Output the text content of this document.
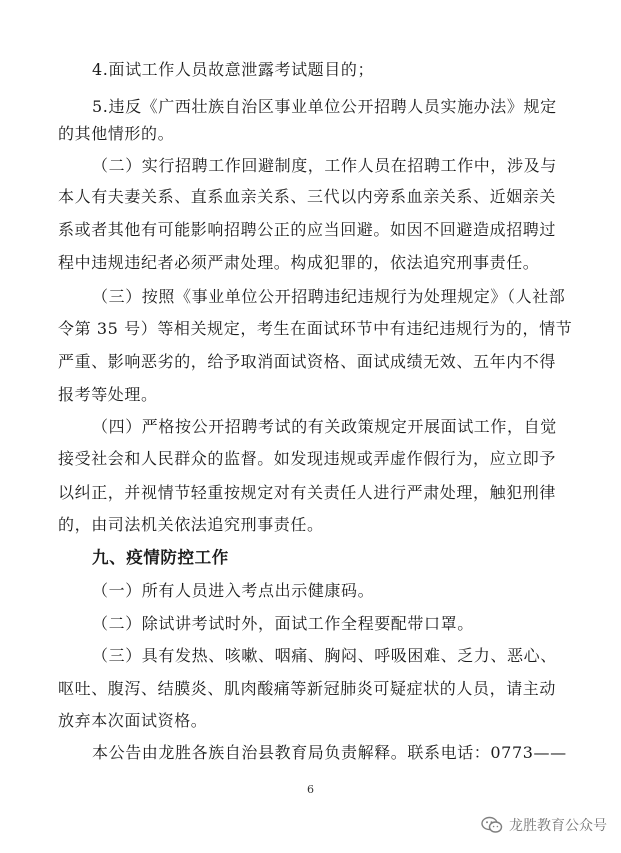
4.面试工作人员故意泄露考试题目的；
5.违反《广西壮族自治区事业单位公开招聘人员实施办法》规定
的其他情形的。
（二）实行招聘工作回避制度，工作人员在招聘工作中，涉及与
本人有夫妻关系、直系血亲关系、三代以内旁系血亲关系、近姻亲关
系或者其他有可能影响招聘公正的应当回避。如因不回避造成招聘过
程中违规违纪者必须严肃处理。构成犯罪的，依法追究刑事责任。
（三）按照《事业单位公开招聘违纪违规行为处理规定》（人社部
令第 35 号）等相关规定，考生在面试环节中有违纪违规行为的，情节
严重、影响恶劣的，给予取消面试资格、面试成绩无效、五年内不得
报考等处理。
（四）严格按公开招聘考试的有关政策规定开展面试工作，自觉
接受社会和人民群众的监督。如发现违规或弄虚作假行为，应立即予
以纠正，并视情节轻重按规定对有关责任人进行严肃处理，触犯刑律
的，由司法机关依法追究刑事责任。
九、疫情防控工作
（一）所有人员进入考点出示健康码。
（二）除试讲考试时外，面试工作全程要配带口罩。
（三）具有发热、咳嗽、咽痛、胸闷、呼吸困难、乏力、恶心、
呕吐、腹泻、结膜炎、肌肉酸痛等新冠肺炎可疑症状的人员，请主动
放弃本次面试资格。
本公告由龙胜各族自治县教育局负责解释。联系电话：0773——
6
龙胜教育公众号
